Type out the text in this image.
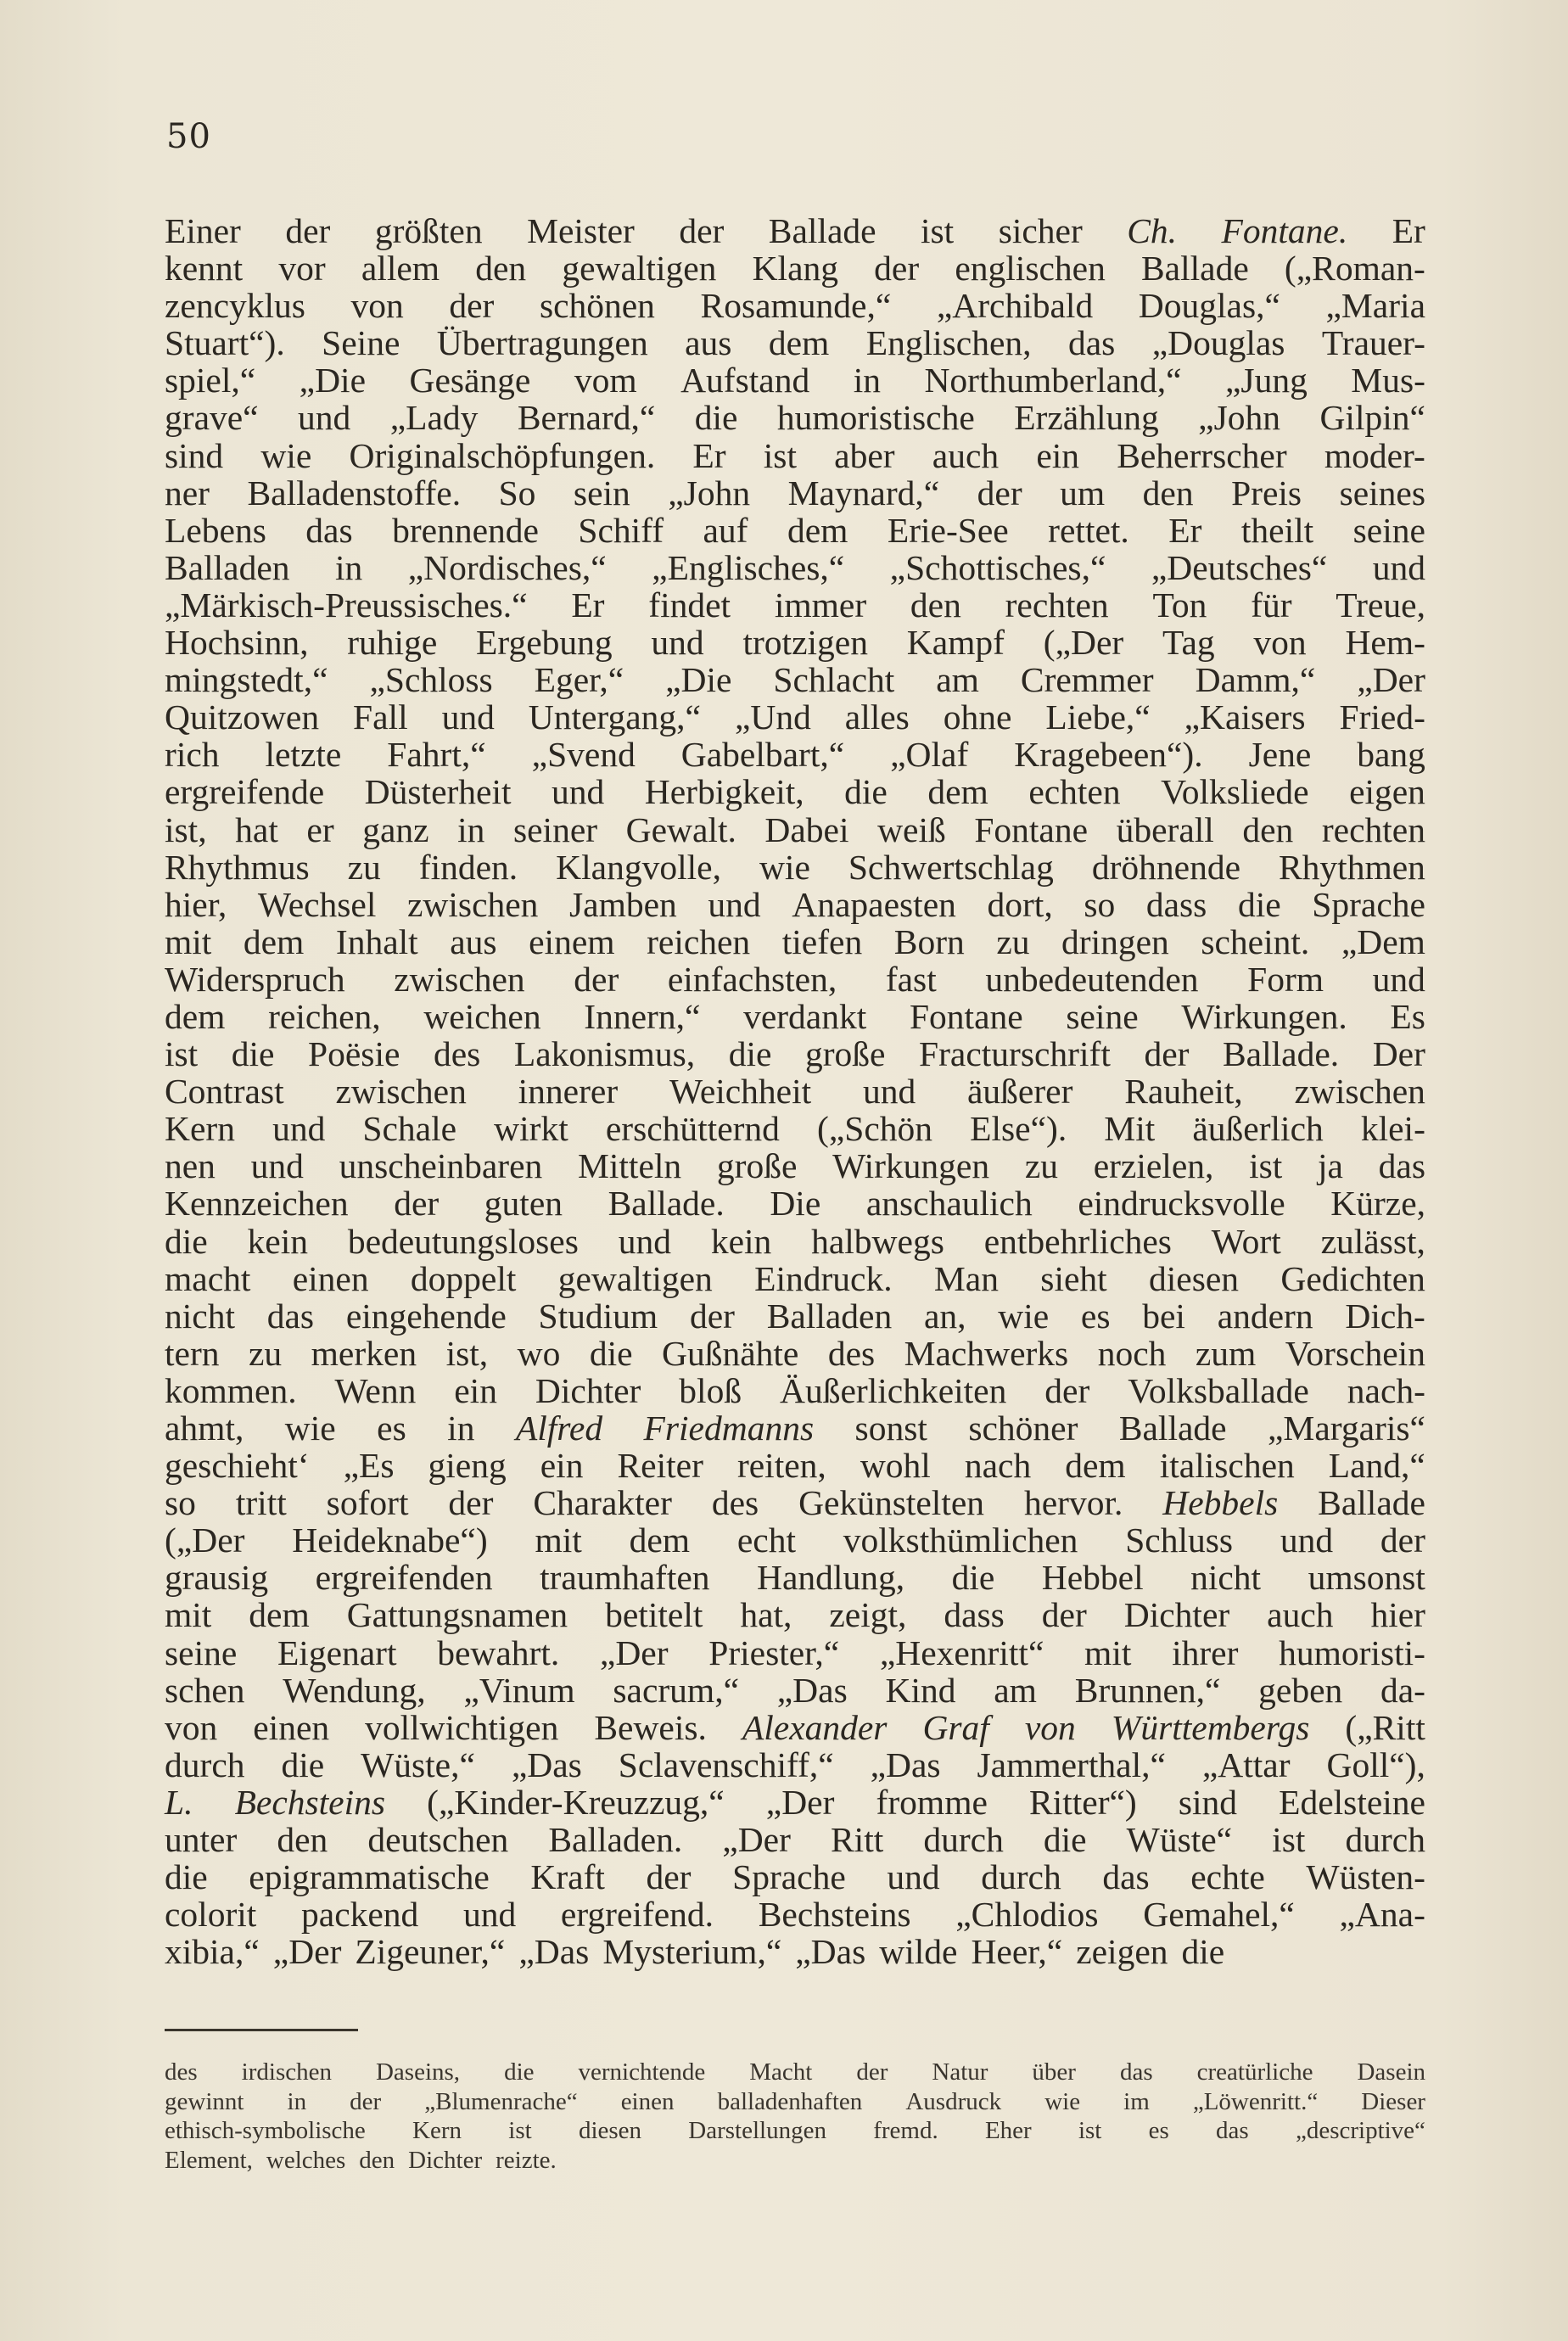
50
Einer der größten Meister der Ballade ist sicher Ch. Fontane. Er
kennt vor allem den gewaltigen Klang der englischen Ballade („Roman-
zencyklus von der schönen Rosamunde,“ „Archibald Douglas,“ „Maria
Stuart“). Seine Übertragungen aus dem Englischen, das „Douglas Trauer-
spiel,“ „Die Gesänge vom Aufstand in Northumberland,“ „Jung Mus-
grave“ und „Lady Bernard,“ die humoristische Erzählung „John Gilpin“
sind wie Originalschöpfungen. Er ist aber auch ein Beherrscher moder-
ner Balladenstoffe. So sein „John Maynard,“ der um den Preis seines
Lebens das brennende Schiff auf dem Erie-See rettet. Er theilt seine
Balladen in „Nordisches,“ „Englisches,“ „Schottisches,“ „Deutsches“ und
„Märkisch-Preussisches.“ Er findet immer den rechten Ton für Treue,
Hochsinn, ruhige Ergebung und trotzigen Kampf („Der Tag von Hem-
mingstedt,“ „Schloss Eger,“ „Die Schlacht am Cremmer Damm,“ „Der
Quitzowen Fall und Untergang,“ „Und alles ohne Liebe,“ „Kaisers Fried-
rich letzte Fahrt,“ „Svend Gabelbart,“ „Olaf Kragebeen“). Jene bang
ergreifende Düsterheit und Herbigkeit, die dem echten Volksliede eigen
ist, hat er ganz in seiner Gewalt. Dabei weiß Fontane überall den rechten
Rhythmus zu finden. Klangvolle, wie Schwertschlag dröhnende Rhythmen
hier, Wechsel zwischen Jamben und Anapaesten dort, so dass die Sprache
mit dem Inhalt aus einem reichen tiefen Born zu dringen scheint. „Dem
Widerspruch zwischen der einfachsten, fast unbedeutenden Form und
dem reichen, weichen Innern,“ verdankt Fontane seine Wirkungen. Es
ist die Poësie des Lakonismus, die große Fracturschrift der Ballade. Der
Contrast zwischen innerer Weichheit und äußerer Rauheit, zwischen
Kern und Schale wirkt erschütternd („Schön Else“). Mit äußerlich klei-
nen und unscheinbaren Mitteln große Wirkungen zu erzielen, ist ja das
Kennzeichen der guten Ballade. Die anschaulich eindrucksvolle Kürze,
die kein bedeutungsloses und kein halbwegs entbehrliches Wort zulässt,
macht einen doppelt gewaltigen Eindruck. Man sieht diesen Gedichten
nicht das eingehende Studium der Balladen an, wie es bei andern Dich-
tern zu merken ist, wo die Gußnähte des Machwerks noch zum Vorschein
kommen. Wenn ein Dichter bloß Äußerlichkeiten der Volksballade nach-
ahmt, wie es in Alfred Friedmanns sonst schöner Ballade „Margaris“
geschieht‘ „Es gieng ein Reiter reiten, wohl nach dem italischen Land,“
so tritt sofort der Charakter des Gekünstelten hervor. Hebbels Ballade
(„Der Heideknabe“) mit dem echt volksthümlichen Schluss und der
grausig ergreifenden traumhaften Handlung, die Hebbel nicht umsonst
mit dem Gattungsnamen betitelt hat, zeigt, dass der Dichter auch hier
seine Eigenart bewahrt. „Der Priester,“ „Hexenritt“ mit ihrer humoristi-
schen Wendung, „Vinum sacrum,“ „Das Kind am Brunnen,“ geben da-
von einen vollwichtigen Beweis. Alexander Graf von Württembergs („Ritt
durch die Wüste,“ „Das Sclavenschiff,“ „Das Jammerthal,“ „Attar Goll“),
L. Bechsteins („Kinder-Kreuzzug,“ „Der fromme Ritter“) sind Edelsteine
unter den deutschen Balladen. „Der Ritt durch die Wüste“ ist durch
die epigrammatische Kraft der Sprache und durch das echte Wüsten-
colorit packend und ergreifend. Bechsteins „Chlodios Gemahel,“ „Ana-
xibia,“ „Der Zigeuner,“ „Das Mysterium,“ „Das wilde Heer,“ zeigen die
des irdischen Daseins, die vernichtende Macht der Natur über das creatürliche Dasein
gewinnt in der „Blumenrache“ einen balladenhaften Ausdruck wie im „Löwenritt.“ Dieser
ethisch-symbolische Kern ist diesen Darstellungen fremd. Eher ist es das „descriptive“
Element, welches den Dichter reizte.
